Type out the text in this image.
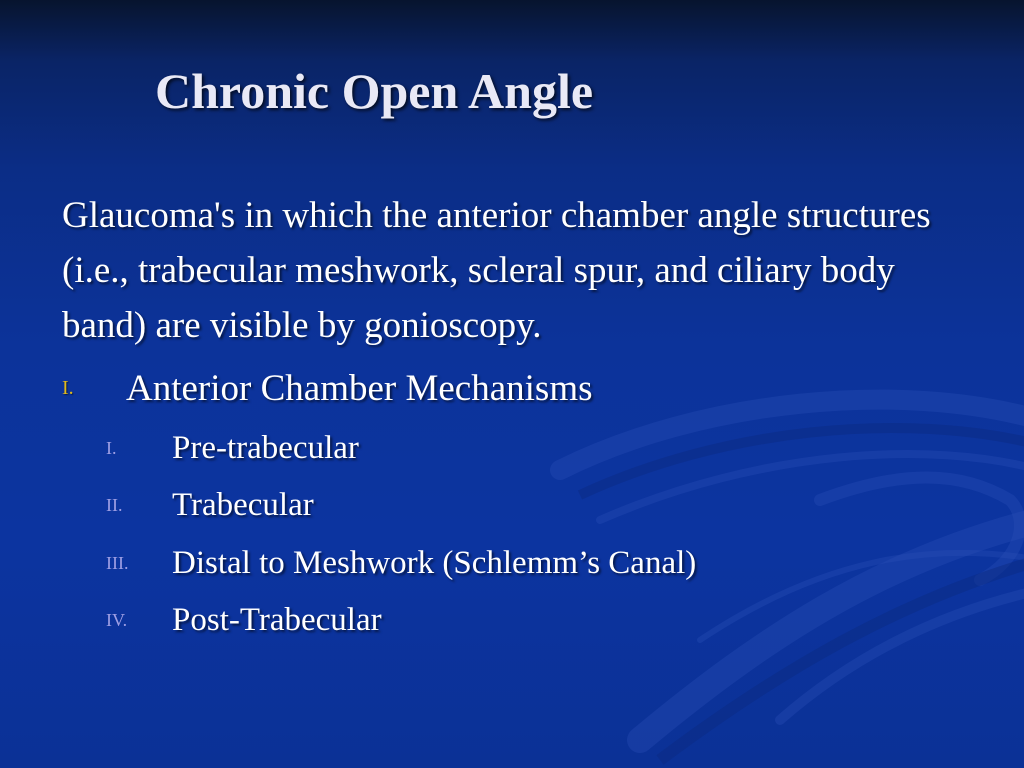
Chronic Open Angle

Glaucoma's in which the anterior chamber angle structures (i.e., trabecular meshwork, scleral spur, and ciliary body band) are visible by gonioscopy.

I.	Anterior Chamber Mechanisms
I.	Pre-trabecular
II.	Trabecular
III.	Distal to Meshwork (Schlemm’s Canal)
IV.	Post-Trabecular
